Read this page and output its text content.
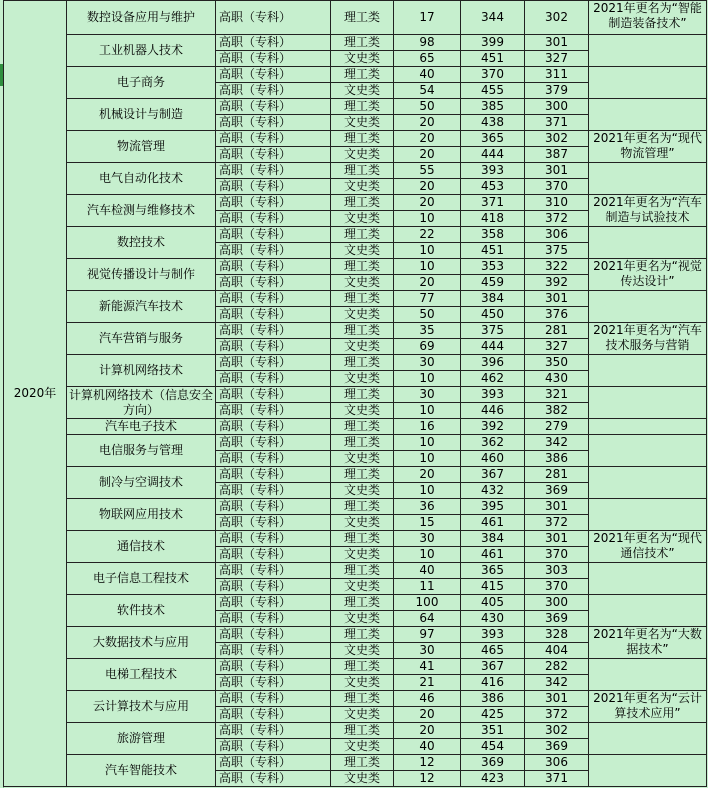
2020年	数控设备应用与维护	高职（专科）	理工类	17	344	302	2021年更名为“智能制造装备技术”
	工业机器人技术	高职（专科）	理工类	98	399	301	
		高职（专科）	文史类	65	451	327	
	电子商务	高职（专科）	理工类	40	370	311	
		高职（专科）	文史类	54	455	379	
	机械设计与制造	高职（专科）	理工类	50	385	300	
		高职（专科）	文史类	20	438	371	
	物流管理	高职（专科）	理工类	20	365	302	2021年更名为“现代物流管理”
		高职（专科）	文史类	20	444	387	
	电气自动化技术	高职（专科）	理工类	55	393	301	
		高职（专科）	文史类	20	453	370	
	汽车检测与维修技术	高职（专科）	理工类	20	371	310	2021年更名为“汽车制造与试验技术
		高职（专科）	文史类	10	418	372	
	数控技术	高职（专科）	理工类	22	358	306	
		高职（专科）	文史类	10	451	375	
	视觉传播设计与制作	高职（专科）	理工类	10	353	322	2021年更名为“视觉传达设计”
		高职（专科）	文史类	20	459	392	
	新能源汽车技术	高职（专科）	理工类	77	384	301	
		高职（专科）	文史类	50	450	376	
	汽车营销与服务	高职（专科）	理工类	35	375	281	2021年更名为“汽车技术服务与营销
		高职（专科）	文史类	69	444	327	
	计算机网络技术	高职（专科）	理工类	30	396	350	
		高职（专科）	文史类	10	462	430	
	计算机网络技术（信息安全方向）	高职（专科）	理工类	30	393	321	
		高职（专科）	文史类	10	446	382	
	汽车电子技术	高职（专科）	理工类	16	392	279	
	电信服务与管理	高职（专科）	理工类	10	362	342	
		高职（专科）	文史类	10	460	386	
	制冷与空调技术	高职（专科）	理工类	20	367	281	
		高职（专科）	文史类	10	432	369	
	物联网应用技术	高职（专科）	理工类	36	395	301	
		高职（专科）	文史类	15	461	372	
	通信技术	高职（专科）	理工类	30	384	301	2021年更名为“现代通信技术”
		高职（专科）	文史类	10	461	370	
	电子信息工程技术	高职（专科）	理工类	40	365	303	
		高职（专科）	文史类	11	415	370	
	软件技术	高职（专科）	理工类	100	405	300	
		高职（专科）	文史类	64	430	369	
	大数据技术与应用	高职（专科）	理工类	97	393	328	2021年更名为“大数据技术”
		高职（专科）	文史类	30	465	404	
	电梯工程技术	高职（专科）	理工类	41	367	282	
		高职（专科）	文史类	21	416	342	
	云计算技术与应用	高职（专科）	理工类	46	386	301	2021年更名为“云计算技术应用”
		高职（专科）	文史类	20	425	372	
	旅游管理	高职（专科）	理工类	20	351	302	
		高职（专科）	文史类	40	454	369	
	汽车智能技术	高职（专科）	理工类	12	369	306	
		高职（专科）	文史类	12	423	371	
